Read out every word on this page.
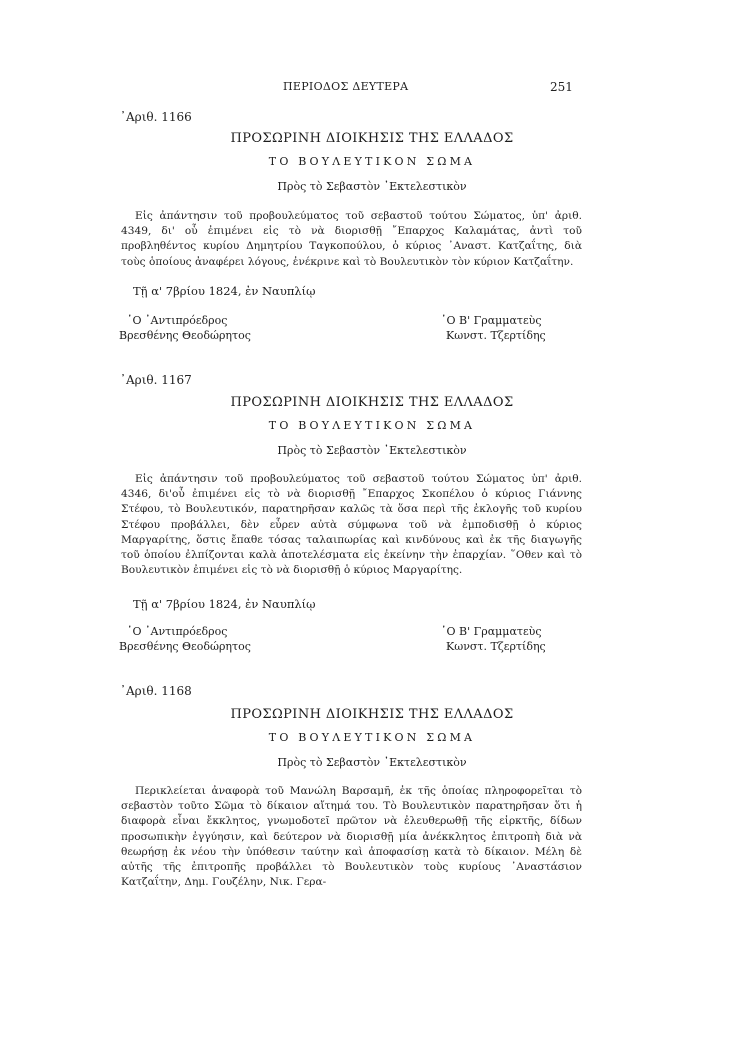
ΠΕΡΙΟΔΟΣ ΔΕΥΤΕΡΑ	251
᾿Αριθ. 1166
ΠΡΟΣΩΡΙΝΗ ΔΙΟΙΚΗΣΙΣ ΤΗΣ ΕΛΛΑΔΟΣ
ΤΟ ΒΟΥΛΕΥΤΙΚΟΝ ΣΩΜΑ
Πρὸς τὸ Σεβαστὸν ᾿Εκτελεστικὸν

Εἰς ἀπάντησιν τοῦ προβουλεύματος τοῦ σεβαστοῦ τούτου Σώματος, ὑπ' ἀριθ. 4349, δι' οὗ ἐπιμένει εἰς τὸ νὰ διορισθῇ ῎Επαρχος Καλαμάτας, ἀντὶ τοῦ προβληθέντος κυρίου Δημητρίου Ταγκοπούλου, ὁ κύριος ᾿Αναστ. Κατζαΐτης, διὰ τοὺς ὁποίους ἀναφέρει λόγους, ἐνέκρινε καὶ τὸ Βουλευτικὸν τὸν κύριον Κατζαΐτην.

Τῇ α' 7βρίου 1824, ἐν Ναυπλίῳ
῾Ο ᾿Αντιπρόεδρος
Βρεσθένης Θεοδώρητος
῾Ο Β' Γραμματεὺς
Κωνστ. Τζερτίδης
᾿Αριθ. 1167
ΠΡΟΣΩΡΙΝΗ ΔΙΟΙΚΗΣΙΣ ΤΗΣ ΕΛΛΑΔΟΣ
ΤΟ ΒΟΥΛΕΥΤΙΚΟΝ ΣΩΜΑ
Πρὸς τὸ Σεβαστὸν ᾿Εκτελεστικὸν

Εἰς ἀπάντησιν τοῦ προβουλεύματος τοῦ σεβαστοῦ τούτου Σώματος ὑπ' ἀριθ. 4346, δι'οὗ ἐπιμένει εἰς τὸ νὰ διορισθῇ ῎Επαρχος Σκοπέλου ὁ κύριος Γιάννης Στέφου, τὸ Βουλευτικόν, παρατηρῆσαν καλῶς τὰ ὅσα περὶ τῆς ἐκλογῆς τοῦ κυρίου Στέφου προβάλλει, δὲν εὗρεν αὐτὰ σύμφωνα τοῦ νὰ ἐμποδισθῇ ὁ κύριος Μαργαρίτης, ὅστις ἔπαθε τόσας ταλαιπωρίας καὶ κινδύνους καὶ ἐκ τῆς διαγωγῆς τοῦ ὁποίου ἐλπίζονται καλὰ ἀποτελέσματα εἰς ἐκείνην τὴν ἐπαρχίαν. ῞Οθεν καὶ τὸ Βουλευτικὸν ἐπιμένει εἰς τὸ νὰ διορισθῇ ὁ κύριος Μαργαρίτης.

Τῇ α' 7βρίου 1824, ἐν Ναυπλίῳ
῾Ο ᾿Αντιπρόεδρος
Βρεσθένης Θεοδώρητος
῾Ο Β' Γραμματεὺς
Κωνστ. Τζερτίδης
᾿Αριθ. 1168
ΠΡΟΣΩΡΙΝΗ ΔΙΟΙΚΗΣΙΣ ΤΗΣ ΕΛΛΑΔΟΣ
ΤΟ ΒΟΥΛΕΥΤΙΚΟΝ ΣΩΜΑ
Πρὸς τὸ Σεβαστὸν ᾿Εκτελεστικὸν

Περικλείεται ἀναφορὰ τοῦ Μανώλη Βαρσαμῆ, ἐκ τῆς ὁποίας πληροφορεῖται τὸ σεβαστὸν τοῦτο Σῶμα τὸ δίκαιον αἴτημά του. Τὸ Βουλευτικὸν παρατηρῆσαν ὅτι ἡ διαφορὰ εἶναι ἔκκλητος, γνωμοδοτεῖ πρῶτον νὰ ἐλευθερωθῇ τῆς εἱρκτῆς, δίδων προσωπικὴν ἐγγύησιν, καὶ δεύτερον νὰ διορισθῇ μία ἀνέκκλητος ἐπιτροπὴ διὰ νὰ θεωρήσῃ ἐκ νέου τὴν ὑπόθεσιν ταύτην καὶ ἀποφασίσῃ κατὰ τὸ δίκαιον. Μέλη δὲ αὐτῆς τῆς ἐπιτροπῆς προβάλλει τὸ Βουλευτικὸν τοὺς κυρίους ᾿Αναστάσιον Κατζαΐτην, Δημ. Γουζέλην, Νικ. Γερα-
